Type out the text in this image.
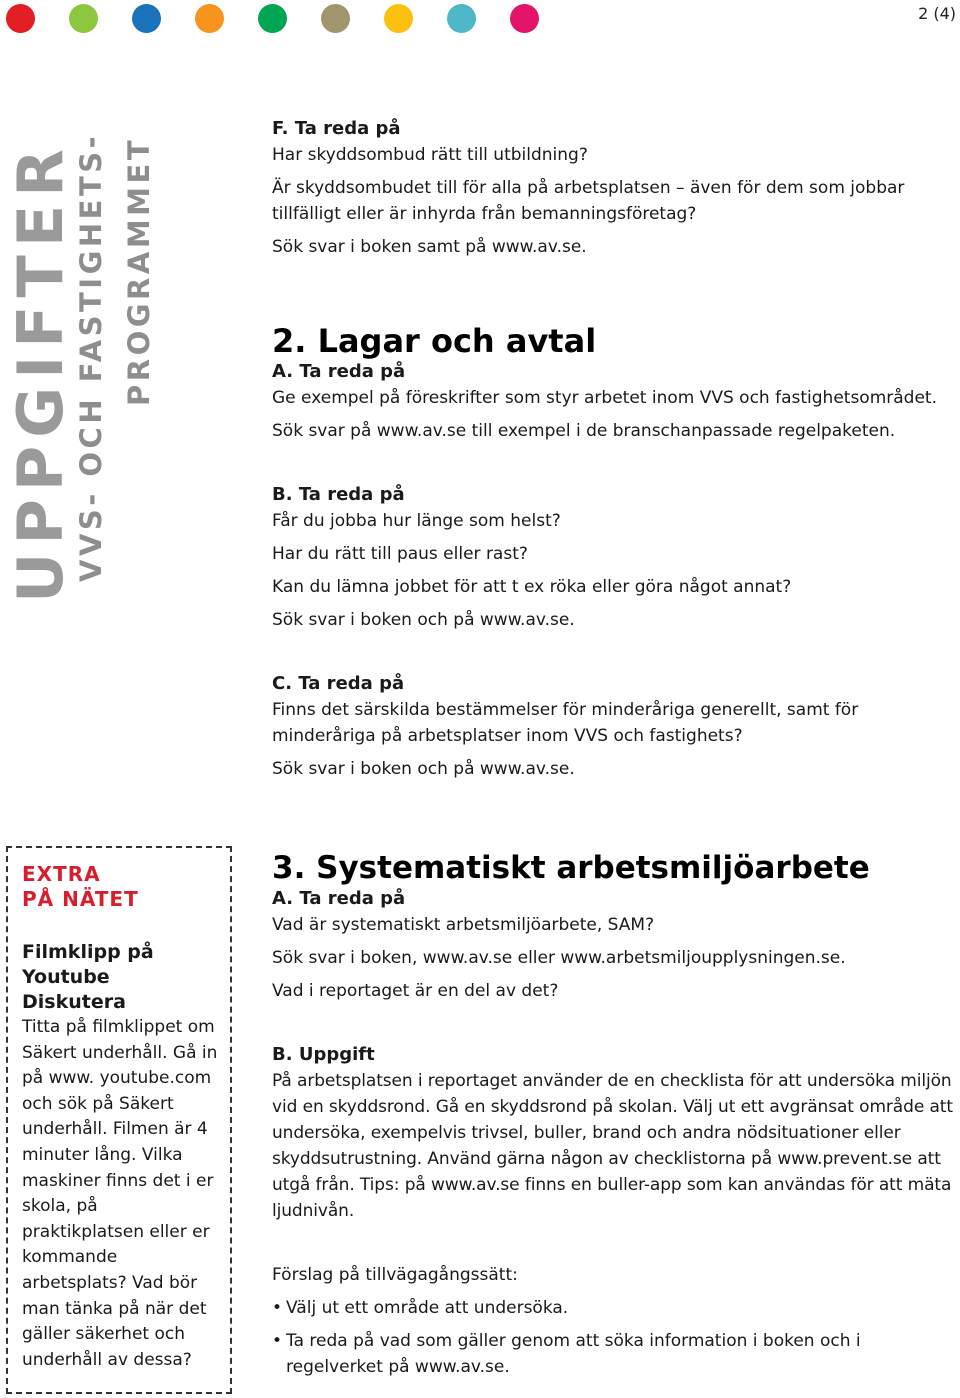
2 (4)
UPPGIFTER
VVS- OCH FASTIGHETS- PROGRAMMET

F. Ta reda på

Har skyddsombud rätt till utbildning?

Är skyddsombudet till för alla på arbetsplatsen – även för dem som jobbar tillfälligt eller är inhyrda från bemanningsföretag?

Sök svar i boken samt på www.av.se.

2. Lagar och avtal

A. Ta reda på

Ge exempel på föreskrifter som styr arbetet inom VVS och fastighetsområdet.

Sök svar på www.av.se till exempel i de branschanpassade regelpaketen.

B. Ta reda på

Får du jobba hur länge som helst?

Har du rätt till paus eller rast?

Kan du lämna jobbet för att t ex röka eller göra något annat?

Sök svar i boken och på www.av.se.

C. Ta reda på

Finns det särskilda bestämmelser för minderåriga generellt, samt för minderåriga på arbetsplatser inom VVS och fastighets?

Sök svar i boken och på www.av.se.

EXTRA

PÅ NÄTET

Filmklipp på Youtube

Diskutera

Titta på filmklippet om Säkert underhåll. Gå in på www. youtube.com och sök på Säkert underhåll. Filmen är 4 minuter lång. Vilka maskiner finns det i er skola, på praktikplatsen eller er kommande arbetsplats? Vad bör man tänka på när det gäller säkerhet och underhåll av dessa?

3. Systematiskt arbetsmiljöarbete

A. Ta reda på

Vad är systematiskt arbetsmiljöarbete, SAM?

Sök svar i boken, www.av.se eller www.arbetsmiljoupplysningen.se.

Vad i reportaget är en del av det?

B. Uppgift

På arbetsplatsen i reportaget använder de en checklista för att undersöka miljön vid en skyddsrond. Gå en skyddsrond på skolan. Välj ut ett avgränsat område att undersöka, exempelvis trivsel, buller, brand och andra nödsituationer eller skyddsutrustning. Använd gärna någon av checklistorna på www.prevent.se att utgå från. Tips: på www.av.se finns en buller-app som kan användas för att mäta ljudnivån.

Förslag på tillvägagångssätt:

• Välj ut ett område att undersöka.
• Ta reda på vad som gäller genom att söka information i boken och i regelverket på www.av.se.
